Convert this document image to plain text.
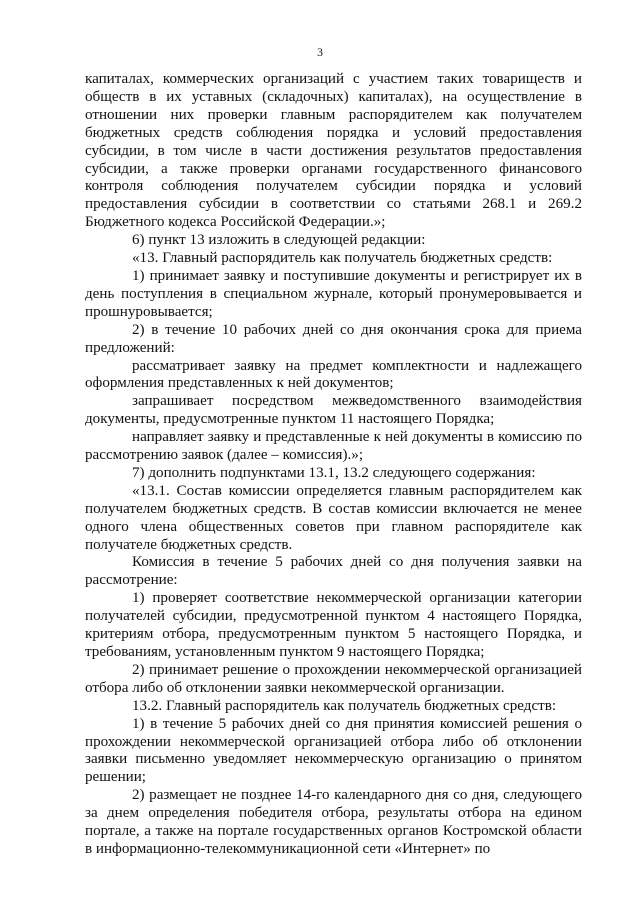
3

капиталах, коммерческих организаций с участием таких товариществ и обществ в их уставных (складочных) капиталах), на осуществление в отношении них проверки главным распорядителем как получателем бюджетных средств соблюдения порядка и условий предоставления субсидии, в том числе в части достижения результатов предоставления субсидии, а также проверки органами государственного финансового контроля соблюдения получателем субсидии порядка и условий предоставления субсидии в соответствии со статьями 268.1 и 269.2 Бюджетного кодекса Российской Федерации.»;

6) пункт 13 изложить в следующей редакции:

«13. Главный распорядитель как получатель бюджетных средств:

1) принимает заявку и поступившие документы и регистрирует их в день поступления в специальном журнале, который пронумеровывается и прошнуровывается;

2) в течение 10 рабочих дней со дня окончания срока для приема предложений:

рассматривает заявку на предмет комплектности и надлежащего оформления представленных к ней документов;

запрашивает посредством межведомственного взаимодействия документы, предусмотренные пунктом 11 настоящего Порядка;

направляет заявку и представленные к ней документы в комиссию по рассмотрению заявок (далее – комиссия).»;

7) дополнить подпунктами 13.1, 13.2 следующего содержания:

«13.1. Состав комиссии определяется главным распорядителем как получателем бюджетных средств. В состав комиссии включается не менее одного члена общественных советов при главном распорядителе как получателе бюджетных средств.

Комиссия в течение 5 рабочих дней со дня получения заявки на рассмотрение:

1) проверяет соответствие некоммерческой организации категории получателей субсидии, предусмотренной пунктом 4 настоящего Порядка, критериям отбора, предусмотренным пунктом 5 настоящего Порядка, и требованиям, установленным пунктом 9 настоящего Порядка;

2) принимает решение о прохождении некоммерческой организацией отбора либо об отклонении заявки некоммерческой организации.

13.2. Главный распорядитель как получатель бюджетных средств:

1) в течение 5 рабочих дней со дня принятия комиссией решения о прохождении некоммерческой организацией отбора либо об отклонении заявки письменно уведомляет некоммерческую организацию о принятом решении;

2) размещает не позднее 14-го календарного дня со дня, следующего за днем определения победителя отбора, результаты отбора на едином портале, а также на портале государственных органов Костромской области в информационно-телекоммуникационной сети «Интернет» по
